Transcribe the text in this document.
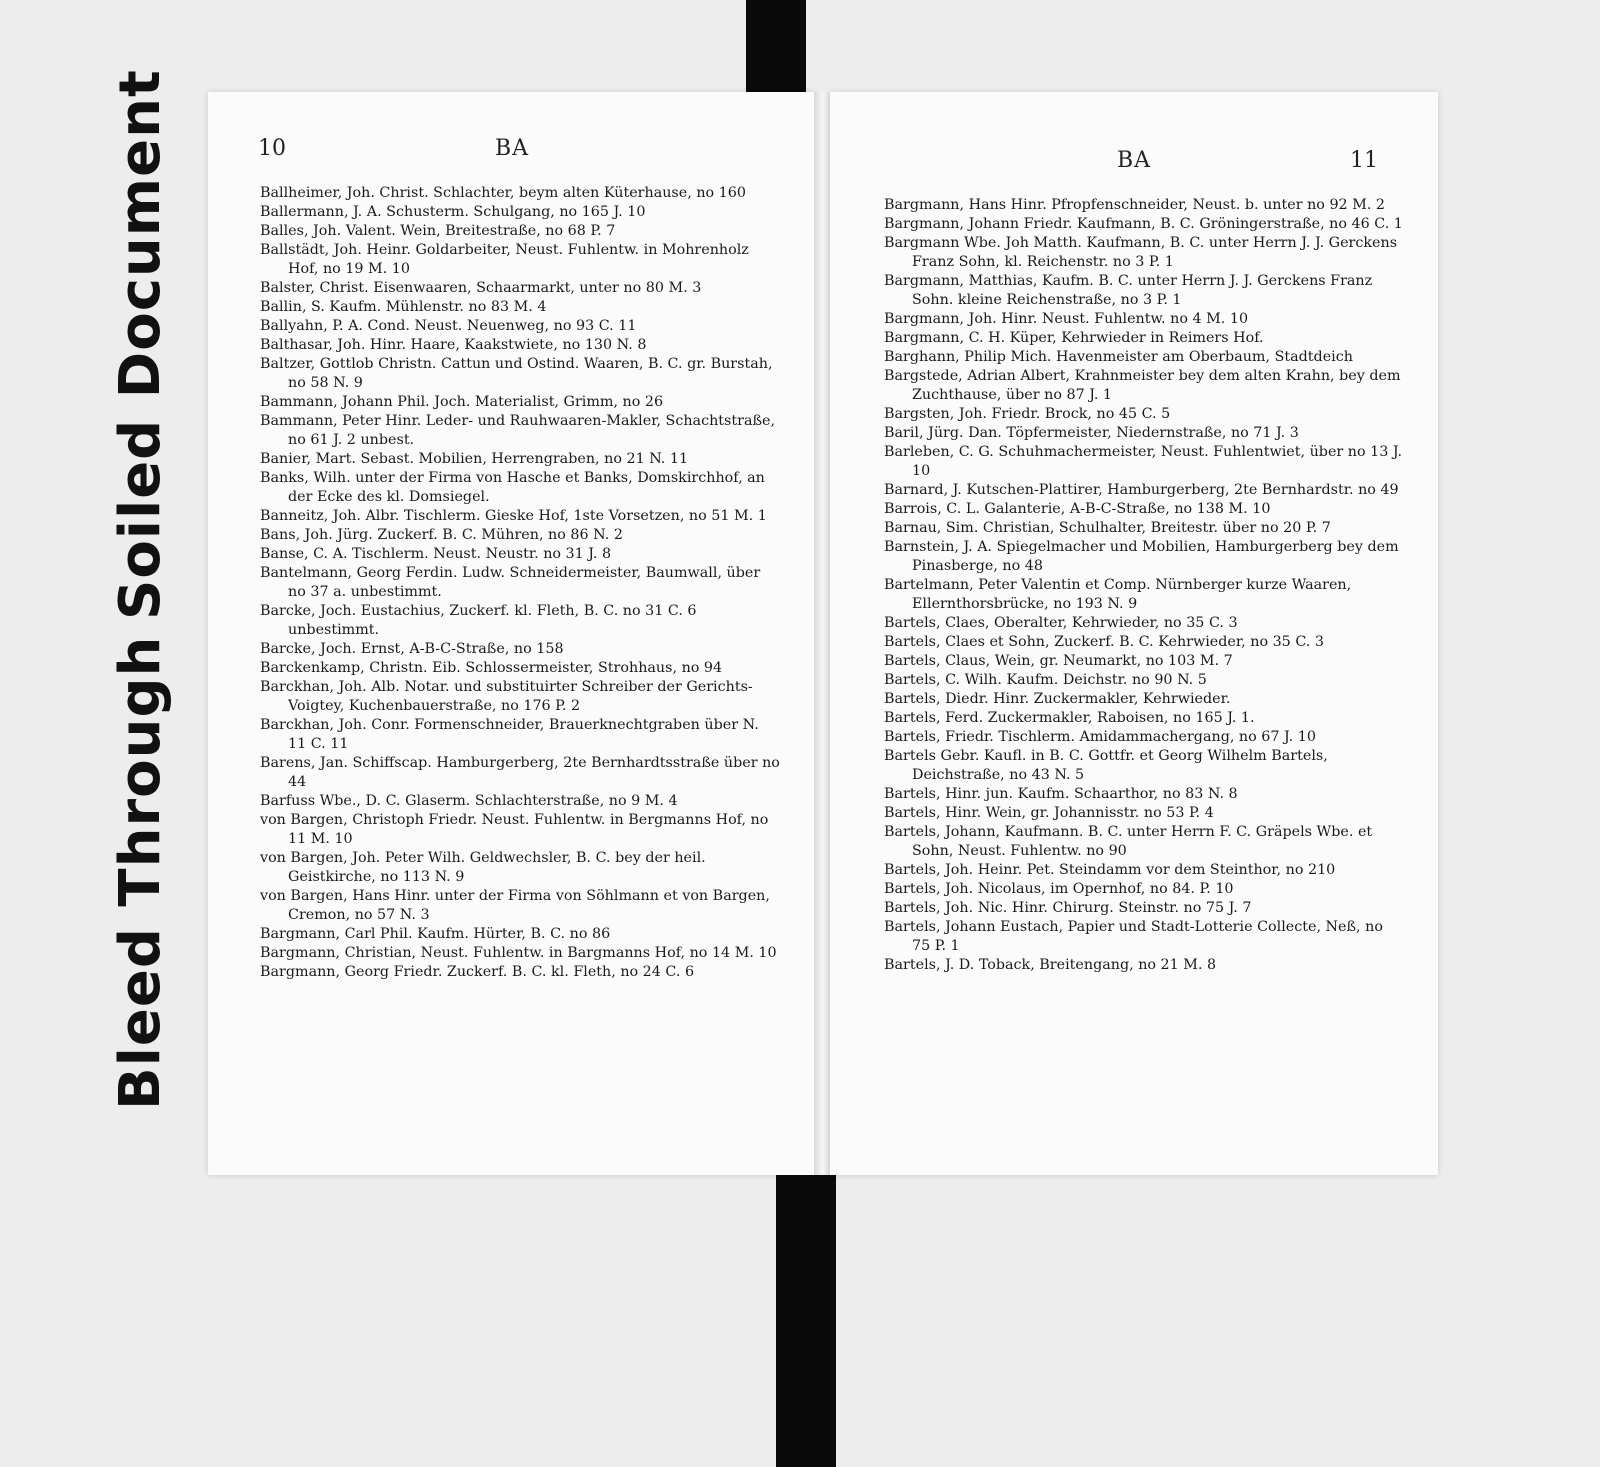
Bleed Through
Soiled Document	10	BA

Ballheimer, Joh. Christ. Schlachter, beym alten Küterhause, no 160

Ballermann, J. A. Schusterm. Schulgang, no 165 J. 10

Balles, Joh. Valent. Wein, Breitestraße, no 68 P. 7

Ballstädt, Joh. Heinr. Goldarbeiter, Neust. Fuhlentw. in Mohrenholz Hof, no 19 M. 10

Balster, Christ. Eisenwaaren, Schaarmarkt, unter no 80 M. 3

Ballin, S. Kaufm. Mühlenstr. no 83 M. 4

Ballyahn, P. A. Cond. Neust. Neuenweg, no 93 C. 11

Balthasar, Joh. Hinr. Haare, Kaakstwiete, no 130 N. 8

Baltzer, Gottlob Christn. Cattun und Ostind. Waaren, B. C. gr. Burstah, no 58 N. 9

Bammann, Johann Phil. Joch. Materialist, Grimm, no 26

Bammann, Peter Hinr. Leder- und Rauhwaaren-Makler, Schachtstraße, no 61 J. 2 unbest.

Banier, Mart. Sebast. Mobilien, Herrengraben, no 21 N. 11

Banks, Wilh. unter der Firma von Hasche et Banks, Domskirchhof, an der Ecke des kl. Domsiegel.

Banneitz, Joh. Albr. Tischlerm. Gieske Hof, 1ste Vorsetzen, no 51 M. 1

Bans, Joh. Jürg. Zuckerf. B. C. Mühren, no 86 N. 2

Banse, C. A. Tischlerm. Neust. Neustr. no 31 J. 8

Bantelmann, Georg Ferdin. Ludw. Schneidermeister, Baumwall, über no 37 a. unbestimmt.

Barcke, Joch. Eustachius, Zuckerf. kl. Fleth, B. C. no 31 C. 6 unbestimmt.

Barcke, Joch. Ernst, A-B-C-Straße, no 158

Barckenkamp, Christn. Eib. Schlossermeister, Strohhaus, no 94

Barckhan, Joh. Alb. Notar. und substituirter Schreiber der Gerichts-Voigtey, Kuchenbauerstraße, no 176 P. 2

Barckhan, Joh. Conr. Formenschneider, Brauerknechtgraben über N. 11 C. 11

Barens, Jan. Schiffscap. Hamburgerberg, 2te Bernhardtsstraße über no 44

Barfuss Wbe., D. C. Glaserm. Schlachterstraße, no 9 M. 4

von Bargen, Christoph Friedr. Neust. Fuhlentw. in Bergmanns Hof, no 11 M. 10

von Bargen, Joh. Peter Wilh. Geldwechsler, B. C. bey der heil. Geistkirche, no 113 N. 9

von Bargen, Hans Hinr. unter der Firma von Söhlmann et von Bargen, Cremon, no 57 N. 3

Bargmann, Carl Phil. Kaufm. Hürter, B. C. no 86

Bargmann, Christian, Neust. Fuhlentw. in Bargmanns Hof, no 14 M. 10

Bargmann, Georg Friedr. Zuckerf. B. C. kl. Fleth, no 24 C. 6

BA	11

Bargmann, Hans Hinr. Pfropfenschneider, Neust. b. unter no 92 M. 2

Bargmann, Johann Friedr. Kaufmann, B. C. Gröningerstraße, no 46 C. 1

Bargmann Wbe. Joh Matth. Kaufmann, B. C. unter Herrn J. J. Gerckens Franz Sohn, kl. Reichenstr. no 3 P. 1

Bargmann, Matthias, Kaufm. B. C. unter Herrn J. J. Gerckens Franz Sohn. kleine Reichenstraße, no 3 P. 1

Bargmann, Joh. Hinr. Neust. Fuhlentw. no 4 M. 10

Bargmann, C. H. Küper, Kehrwieder in Reimers Hof.

Barghann, Philip Mich. Havenmeister am Oberbaum, Stadtdeich

Bargstede, Adrian Albert, Krahnmeister bey dem alten Krahn, bey dem Zuchthause, über no 87 J. 1

Bargsten, Joh. Friedr. Brock, no 45 C. 5

Baril, Jürg. Dan. Töpfermeister, Niedernstraße, no 71 J. 3

Barleben, C. G. Schuhmachermeister, Neust. Fuhlentwiet, über no 13 J. 10

Barnard, J. Kutschen-Plattirer, Hamburgerberg, 2te Bernhardstr. no 49

Barrois, C. L. Galanterie, A-B-C-Straße, no 138 M. 10

Barnau, Sim. Christian, Schulhalter, Breitestr. über no 20 P. 7

Barnstein, J. A. Spiegelmacher und Mobilien, Hamburgerberg bey dem Pinasberge, no 48

Bartelmann, Peter Valentin et Comp. Nürnberger kurze Waaren, Ellernthorsbrücke, no 193 N. 9

Bartels, Claes, Oberalter, Kehrwieder, no 35 C. 3

Bartels, Claes et Sohn, Zuckerf. B. C. Kehrwieder, no 35 C. 3

Bartels, Claus, Wein, gr. Neumarkt, no 103 M. 7

Bartels, C. Wilh. Kaufm. Deichstr. no 90 N. 5

Bartels, Diedr. Hinr. Zuckermakler, Kehrwieder.

Bartels, Ferd. Zuckermakler, Raboisen, no 165 J. 1.

Bartels, Friedr. Tischlerm. Amidammachergang, no 67 J. 10

Bartels Gebr. Kaufl. in B. C. Gottfr. et Georg Wilhelm Bartels, Deichstraße, no 43 N. 5

Bartels, Hinr. jun. Kaufm. Schaarthor, no 83 N. 8

Bartels, Hinr. Wein, gr. Johannisstr. no 53 P. 4

Bartels, Johann, Kaufmann. B. C. unter Herrn F. C. Gräpels Wbe. et Sohn, Neust. Fuhlentw. no 90

Bartels, Joh. Heinr. Pet. Steindamm vor dem Steinthor, no 210

Bartels, Joh. Nicolaus, im Opernhof, no 84. P. 10

Bartels, Joh. Nic. Hinr. Chirurg. Steinstr. no 75 J. 7

Bartels, Johann Eustach, Papier und Stadt-Lotterie Collecte, Neß, no 75 P. 1

Bartels, J. D. Toback, Breitengang, no 21 M. 8
